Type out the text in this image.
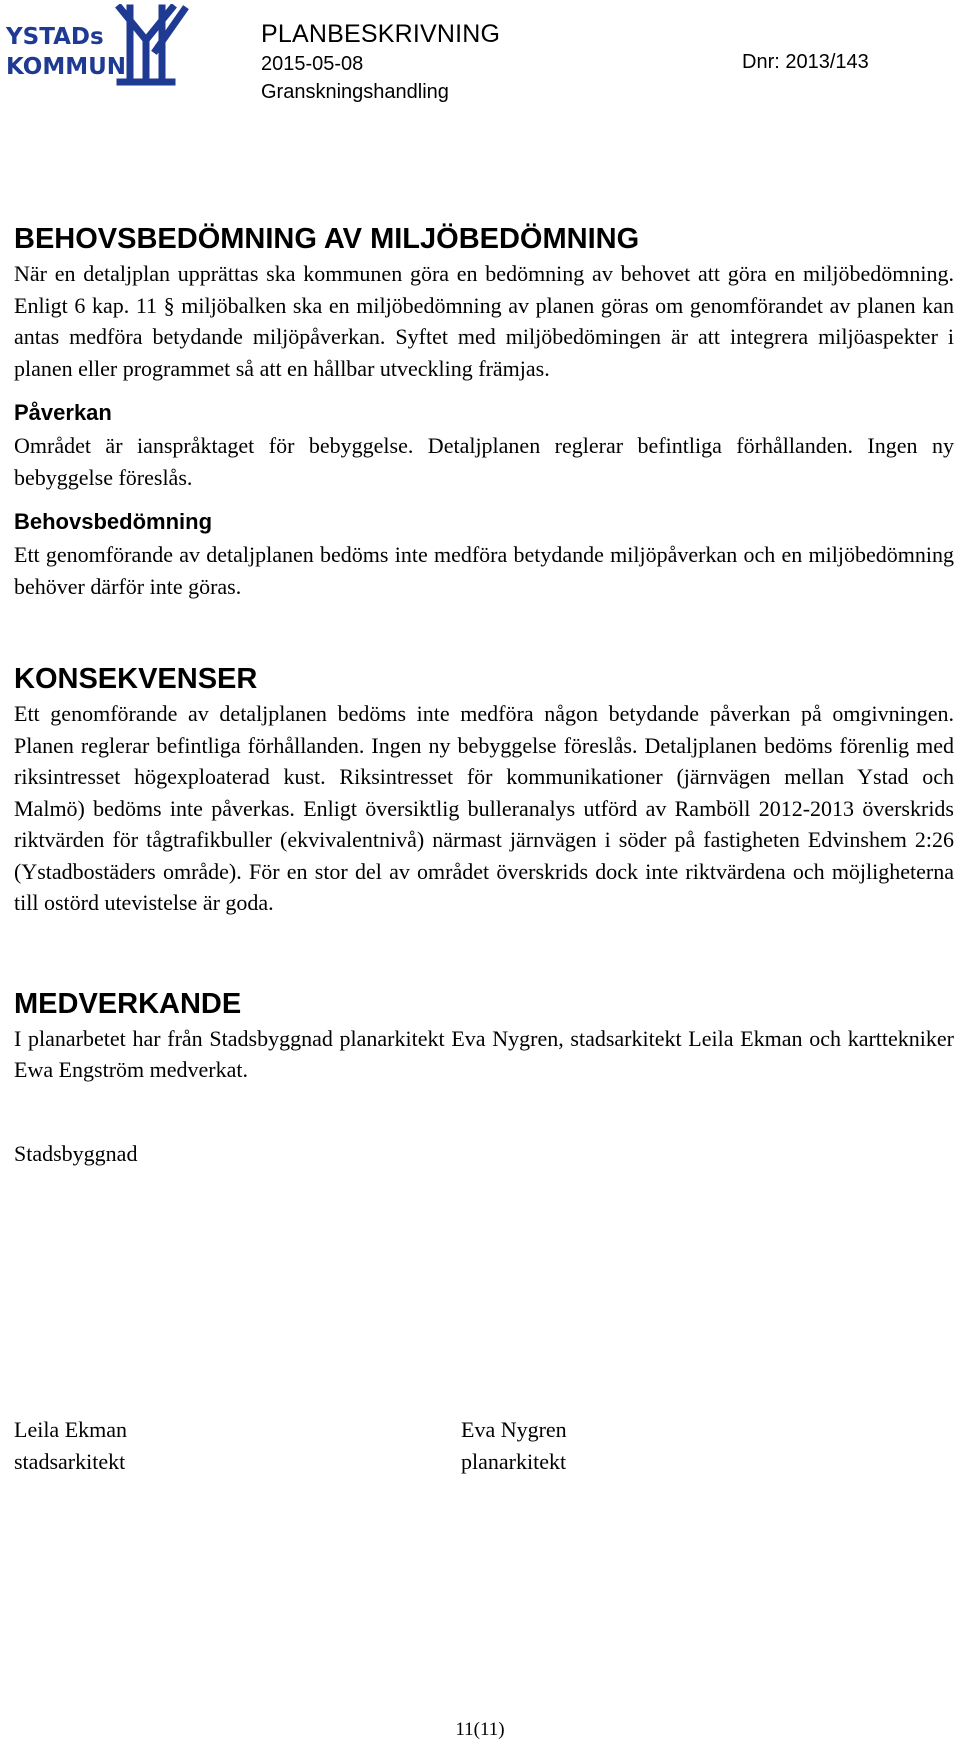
YSTADs
KOMMUN
PLANBESKRIVNING
2015-05-08
Granskningshandling
Dnr: 2013/143
BEHOVSBEDÖMNING AV MILJÖBEDÖMNING

När en detaljplan upprättas ska kommunen göra en bedömning av behovet att göra en miljöbedömning. Enligt 6 kap. 11 § miljöbalken ska en miljöbedömning av planen göras om genomförandet av planen kan antas medföra betydande miljöpåverkan. Syftet med miljöbedömingen är att integrera miljöaspekter i planen eller programmet så att en hållbar utveckling främjas.

Påverkan

Området är ianspråktaget för bebyggelse. Detaljplanen reglerar befintliga förhållanden. Ingen ny bebyggelse föreslås.

Behovsbedömning

Ett genomförande av detaljplanen bedöms inte medföra betydande miljöpåverkan och en miljöbedömning behöver därför inte göras.

KONSEKVENSER

Ett genomförande av detaljplanen bedöms inte medföra någon betydande påverkan på omgivningen. Planen reglerar befintliga förhållanden. Ingen ny bebyggelse föreslås. Detaljplanen bedöms förenlig med riksintresset högexploaterad kust. Riksintresset för kommunikationer (järnvägen mellan Ystad och Malmö) bedöms inte påverkas. Enligt översiktlig bulleranalys utförd av Ramböll 2012-2013 överskrids riktvärden för tågtrafikbuller (ekvivalentnivå) närmast järnvägen i söder på fastigheten Edvinshem 2:26 (Ystadbostäders område). För en stor del av området överskrids dock inte riktvärdena och möjligheterna till ostörd utevistelse är goda.

MEDVERKANDE

I planarbetet har från Stadsbyggnad planarkitekt Eva Nygren, stadsarkitekt Leila Ekman och karttekniker Ewa Engström medverkat.

Stadsbyggnad
Leila Ekman
stadsarkitekt
Eva Nygren
planarkitekt
11(11)
